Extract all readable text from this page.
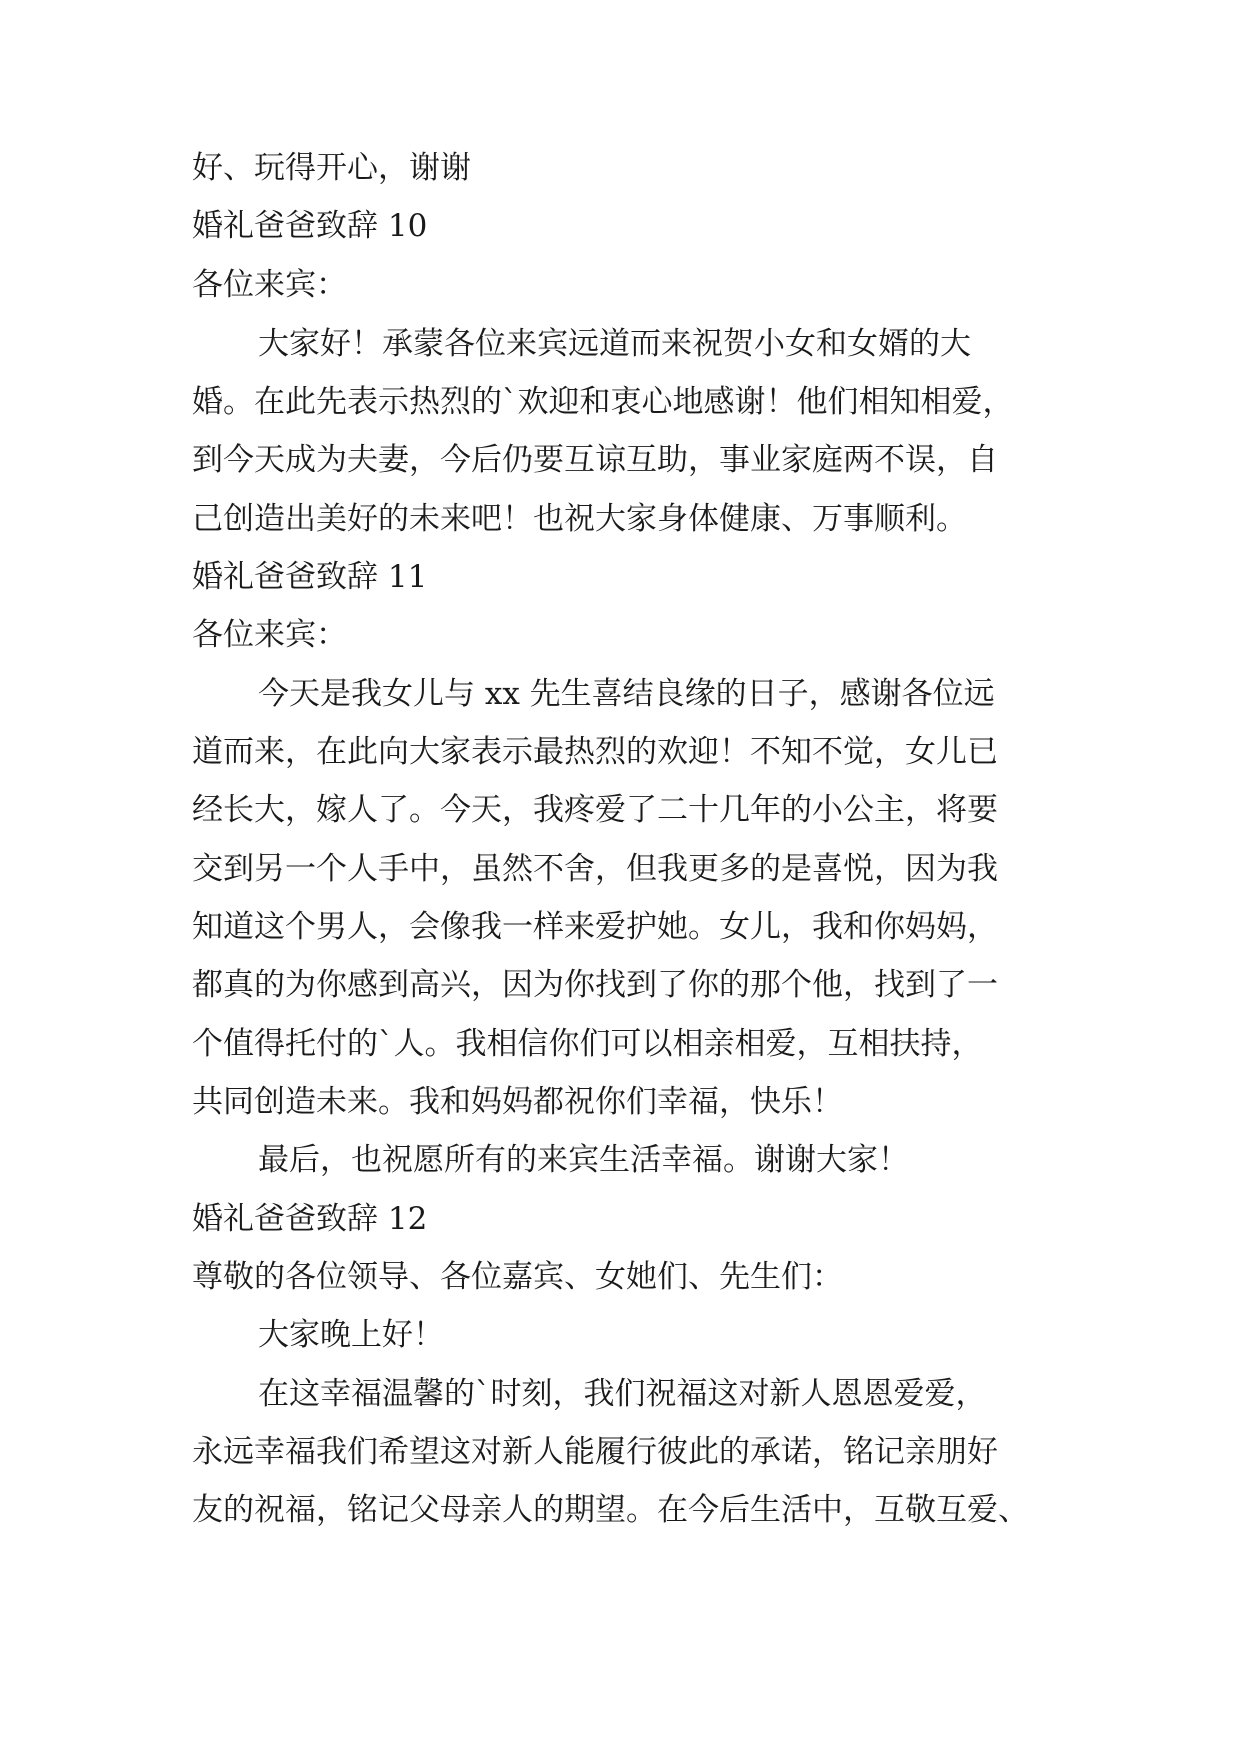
好、玩得开心，谢谢
婚礼爸爸致辞 10
各位来宾：
大家好！承蒙各位来宾远道而来祝贺小女和女婿的大
婚。在此先表示热烈的`欢迎和衷心地感谢！他们相知相爱，
到今天成为夫妻，今后仍要互谅互助，事业家庭两不误，自
己创造出美好的未来吧！也祝大家身体健康、万事顺利。
婚礼爸爸致辞 11
各位来宾：
今天是我女儿与 xx 先生喜结良缘的日子，感谢各位远
道而来，在此向大家表示最热烈的欢迎！不知不觉，女儿已
经长大，嫁人了。今天，我疼爱了二十几年的小公主，将要
交到另一个人手中，虽然不舍，但我更多的是喜悦，因为我
知道这个男人，会像我一样来爱护她。女儿，我和你妈妈，
都真的为你感到高兴，因为你找到了你的那个他，找到了一
个值得托付的`人。我相信你们可以相亲相爱，互相扶持，
共同创造未来。我和妈妈都祝你们幸福，快乐！
最后，也祝愿所有的来宾生活幸福。谢谢大家！
婚礼爸爸致辞 12
尊敬的各位领导、各位嘉宾、女她们、先生们：
大家晚上好！
在这幸福温馨的`时刻，我们祝福这对新人恩恩爱爱，
永远幸福我们希望这对新人能履行彼此的承诺，铭记亲朋好
友的祝福，铭记父母亲人的期望。在今后生活中，互敬互爱、
